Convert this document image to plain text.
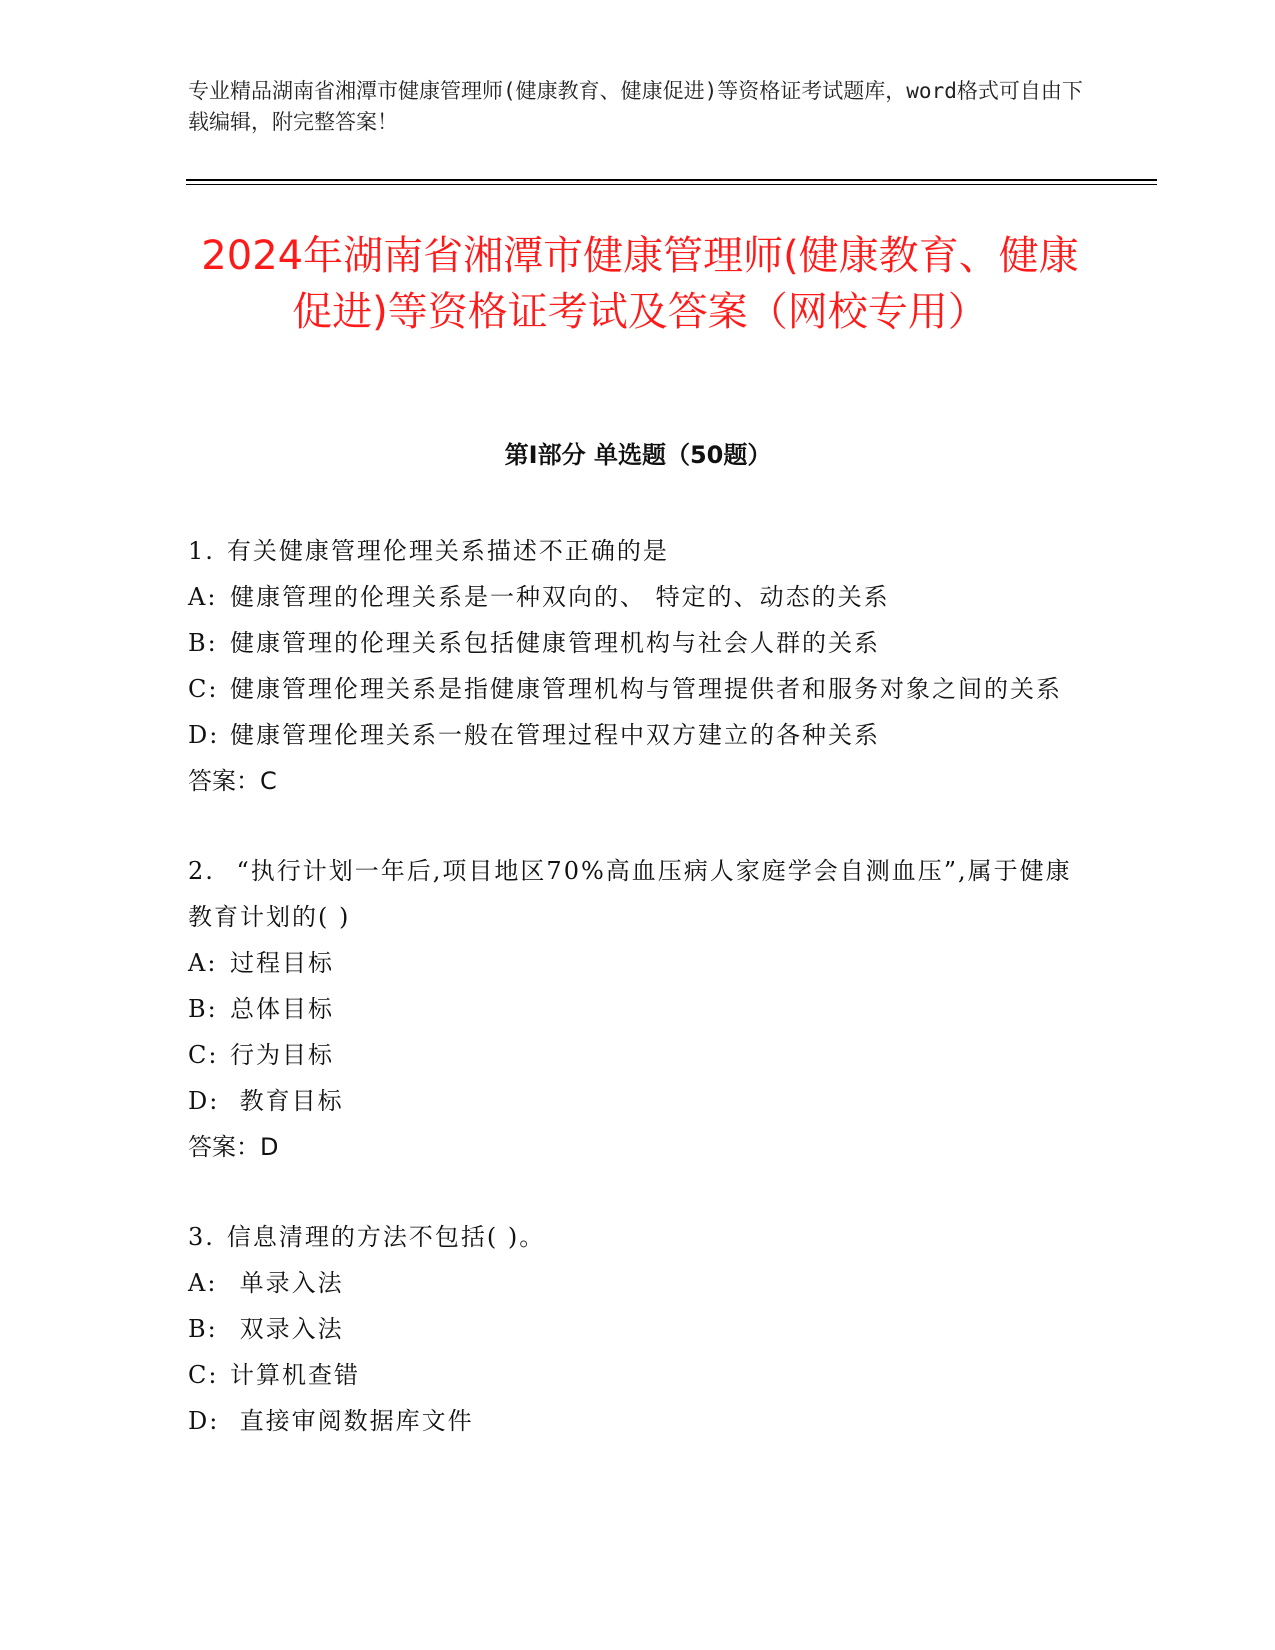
专业精品湖南省湘潭市健康管理师(健康教育、健康促进)等资格证考试题库，word格式可自由下载编辑，附完整答案！
2024年湖南省湘潭市健康管理师(健康教育、健康促进)等资格证考试及答案（网校专用）
第Ⅰ部分 单选题（50题）
1. 有关健康管理伦理关系描述不正确的是
A: 健康管理的伦理关系是一种双向的、 特定的、动态的关系
B: 健康管理的伦理关系包括健康管理机构与社会人群的关系
C: 健康管理伦理关系是指健康管理机构与管理提供者和服务对象之间的关系
D: 健康管理伦理关系一般在管理过程中双方建立的各种关系
答案：C
2. “执行计划一年后,项目地区70%高血压病人家庭学会自测血压”,属于健康教育计划的( )
A: 过程目标
B: 总体目标
C: 行为目标
D: 教育目标
答案：D
3. 信息清理的方法不包括( )。
A: 单录入法
B: 双录入法
C: 计算机查错
D: 直接审阅数据库文件
